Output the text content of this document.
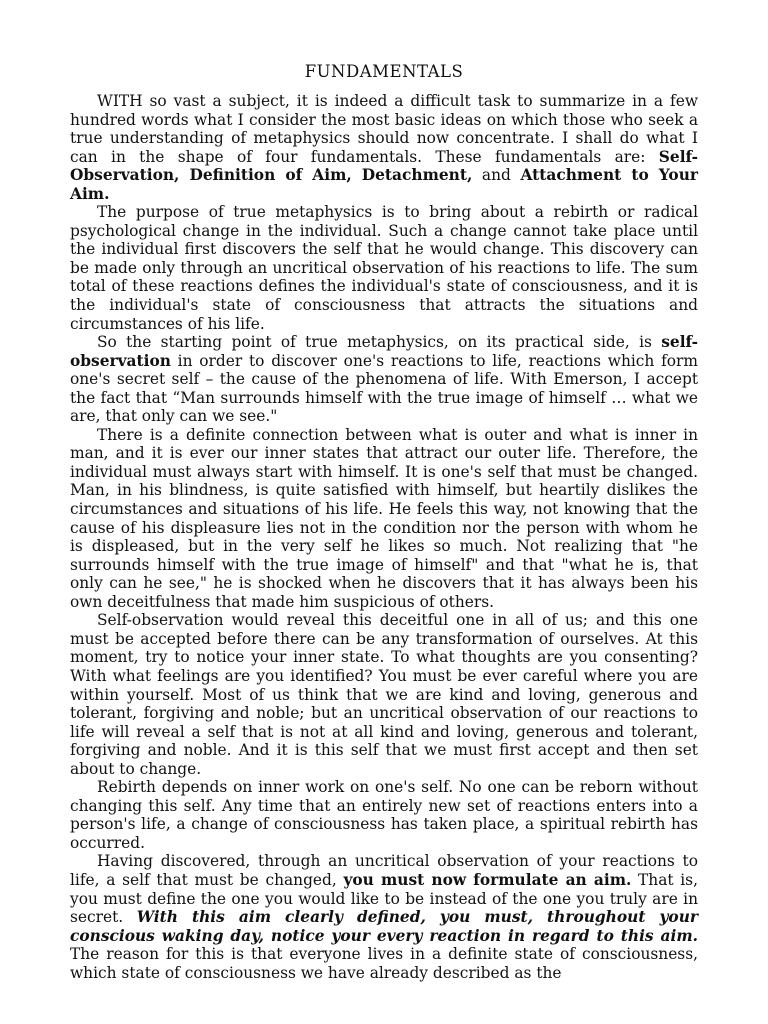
FUNDAMENTALS

WITH so vast a subject, it is indeed a difficult task to summarize in a few hundred words what I consider the most basic ideas on which those who seek a true understanding of metaphysics should now concentrate. I shall do what I can in the shape of four fundamentals. These fundamentals are: Self-Observation, Definition of Aim, Detachment, and Attachment to Your Aim.

The purpose of true metaphysics is to bring about a rebirth or radical psychological change in the individual. Such a change cannot take place until the individual first discovers the self that he would change. This discovery can be made only through an uncritical observation of his reactions to life. The sum total of these reactions defines the individual's state of consciousness, and it is the individual's state of consciousness that attracts the situations and circumstances of his life.

So the starting point of true metaphysics, on its practical side, is self-observation in order to discover one's reactions to life, reactions which form one's secret self – the cause of the phenomena of life. With Emerson, I accept the fact that “Man surrounds himself with the true image of himself … what we are, that only can we see."

There is a definite connection between what is outer and what is inner in man, and it is ever our inner states that attract our outer life. Therefore, the individual must always start with himself. It is one's self that must be changed. Man, in his blindness, is quite satisfied with himself, but heartily dislikes the circumstances and situations of his life. He feels this way, not knowing that the cause of his displeasure lies not in the condition nor the person with whom he is displeased, but in the very self he likes so much. Not realizing that "he surrounds himself with the true image of himself" and that "what he is, that only can he see," he is shocked when he discovers that it has always been his own deceitfulness that made him suspicious of others.

Self-observation would reveal this deceitful one in all of us; and this one must be accepted before there can be any transformation of ourselves. At this moment, try to notice your inner state. To what thoughts are you consenting? With what feelings are you identified? You must be ever careful where you are within yourself. Most of us think that we are kind and loving, generous and tolerant, forgiving and noble; but an uncritical observation of our reactions to life will reveal a self that is not at all kind and loving, generous and tolerant, forgiving and noble. And it is this self that we must first accept and then set about to change.

Rebirth depends on inner work on one's self. No one can be reborn without changing this self. Any time that an entirely new set of reactions enters into a person's life, a change of consciousness has taken place, a spiritual rebirth has occurred.

Having discovered, through an uncritical observation of your reactions to life, a self that must be changed, you must now formulate an aim. That is, you must define the one you would like to be instead of the one you truly are in secret. With this aim clearly defined, you must, throughout your conscious waking day, notice your every reaction in regard to this aim. The reason for this is that everyone lives in a definite state of consciousness, which state of consciousness we have already described as the
